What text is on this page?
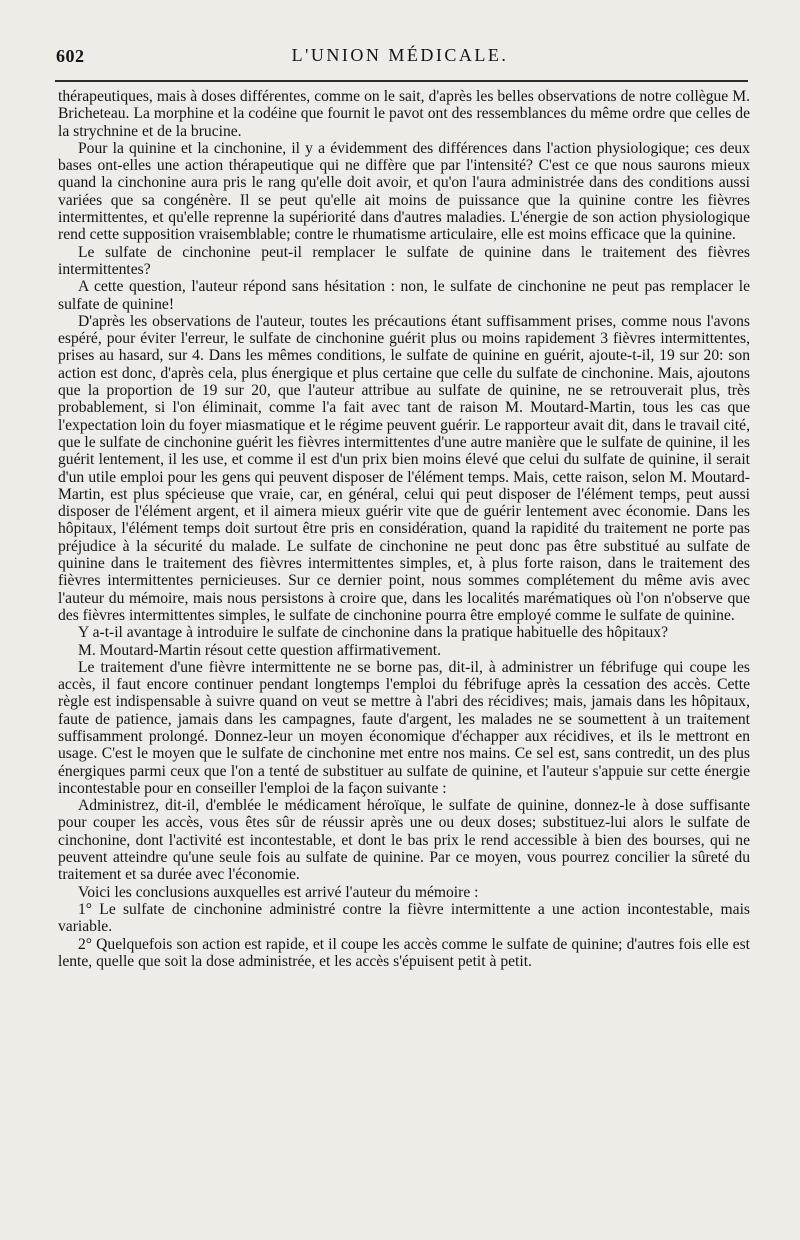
602	L'UNION MÉDICALE.

thérapeutiques, mais à doses différentes, comme on le sait, d'après les belles observations de notre collègue M. Bricheteau. La morphine et la codéine que fournit le pavot ont des ressemblances du même ordre que celles de la strychnine et de la brucine.

Pour la quinine et la cinchonine, il y a évidemment des différences dans l'action physiologique; ces deux bases ont-elles une action thérapeutique qui ne diffère que par l'intensité? C'est ce que nous saurons mieux quand la cinchonine aura pris le rang qu'elle doit avoir, et qu'on l'aura administrée dans des conditions aussi variées que sa congénère. Il se peut qu'elle ait moins de puissance que la quinine contre les fièvres intermittentes, et qu'elle reprenne la supériorité dans d'autres maladies. L'énergie de son action physiologique rend cette supposition vraisemblable; contre le rhumatisme articulaire, elle est moins efficace que la quinine.

Le sulfate de cinchonine peut-il remplacer le sulfate de quinine dans le traitement des fièvres intermittentes?

A cette question, l'auteur répond sans hésitation : non, le sulfate de cinchonine ne peut pas remplacer le sulfate de quinine!

D'après les observations de l'auteur, toutes les précautions étant suffisamment prises, comme nous l'avons espéré, pour éviter l'erreur, le sulfate de cinchonine guérit plus ou moins rapidement 3 fièvres intermittentes, prises au hasard, sur 4. Dans les mêmes conditions, le sulfate de quinine en guérit, ajoute-t-il, 19 sur 20: son action est donc, d'après cela, plus énergique et plus certaine que celle du sulfate de cinchonine. Mais, ajoutons que la proportion de 19 sur 20, que l'auteur attribue au sulfate de quinine, ne se retrouverait plus, très probablement, si l'on éliminait, comme l'a fait avec tant de raison M. Moutard-Martin, tous les cas que l'expectation loin du foyer miasmatique et le régime peuvent guérir. Le rapporteur avait dit, dans le travail cité, que le sulfate de cinchonine guérit les fièvres intermittentes d'une autre manière que le sulfate de quinine, il les guérit lentement, il les use, et comme il est d'un prix bien moins élevé que celui du sulfate de quinine, il serait d'un utile emploi pour les gens qui peuvent disposer de l'élément temps. Mais, cette raison, selon M. Moutard-Martin, est plus spécieuse que vraie, car, en général, celui qui peut disposer de l'élément temps, peut aussi disposer de l'élément argent, et il aimera mieux guérir vite que de guérir lentement avec économie. Dans les hôpitaux, l'élément temps doit surtout être pris en considération, quand la rapidité du traitement ne porte pas préjudice à la sécurité du malade. Le sulfate de cinchonine ne peut donc pas être substitué au sulfate de quinine dans le traitement des fièvres intermittentes simples, et, à plus forte raison, dans le traitement des fièvres intermittentes pernicieuses. Sur ce dernier point, nous sommes complétement du même avis avec l'auteur du mémoire, mais nous persistons à croire que, dans les localités marématiques où l'on n'observe que des fièvres intermittentes simples, le sulfate de cinchonine pourra être employé comme le sulfate de quinine.

Y a-t-il avantage à introduire le sulfate de cinchonine dans la pratique habituelle des hôpitaux?

M. Moutard-Martin résout cette question affirmativement.

Le traitement d'une fièvre intermittente ne se borne pas, dit-il, à administrer un fébrifuge qui coupe les accès, il faut encore continuer pendant longtemps l'emploi du fébrifuge après la cessation des accès. Cette règle est indispensable à suivre quand on veut se mettre à l'abri des récidives; mais, jamais dans les hôpitaux, faute de patience, jamais dans les campagnes, faute d'argent, les malades ne se soumettent à un traitement suffisamment prolongé. Donnez-leur un moyen économique d'échapper aux récidives, et ils le mettront en usage. C'est le moyen que le sulfate de cinchonine met entre nos mains. Ce sel est, sans contredit, un des plus énergiques parmi ceux que l'on a tenté de substituer au sulfate de quinine, et l'auteur s'appuie sur cette énergie incontestable pour en conseiller l'emploi de la façon suivante :

Administrez, dit-il, d'emblée le médicament héroïque, le sulfate de quinine, donnez-le à dose suffisante pour couper les accès, vous êtes sûr de réussir après une ou deux doses; substituez-lui alors le sulfate de cinchonine, dont l'activité est incontestable, et dont le bas prix le rend accessible à bien des bourses, qui ne peuvent atteindre qu'une seule fois au sulfate de quinine. Par ce moyen, vous pourrez concilier la sûreté du traitement et sa durée avec l'économie.

Voici les conclusions auxquelles est arrivé l'auteur du mémoire :

1° Le sulfate de cinchonine administré contre la fièvre intermittente a une action incontestable, mais variable.

2° Quelquefois son action est rapide, et il coupe les accès comme le sulfate de quinine; d'autres fois elle est lente, quelle que soit la dose administrée, et les accès s'épuisent petit à petit.
